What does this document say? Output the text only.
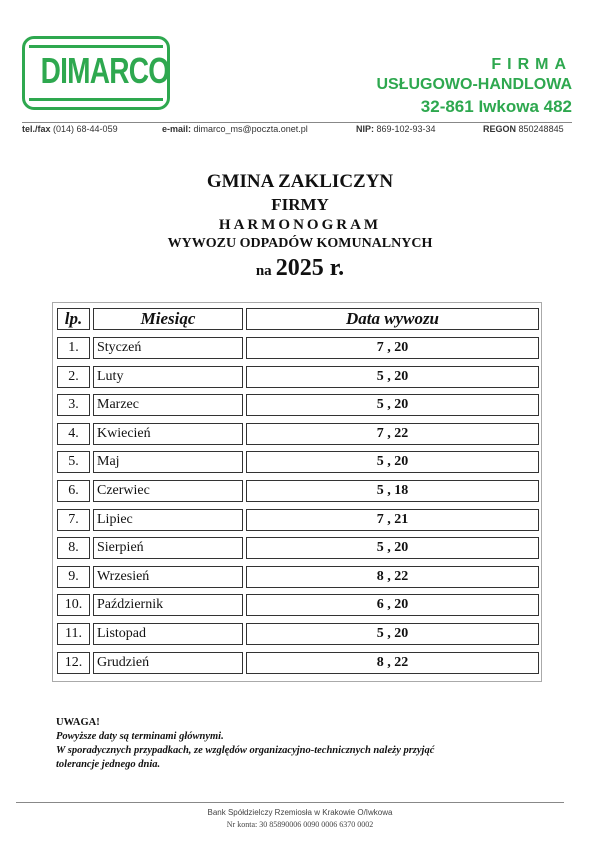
DIMARCO	FIRMA
USŁUGOWO-HANDLOWA
32-861 Iwkowa 482
tel./fax (014) 68-44-059	e-mail: dimarco_ms@poczta.onet.pl	NIP: 869-102-93-34	REGON 850248845
GMINA ZAKLICZYN
FIRMY
HARMONOGRAM
WYWOZU ODPADÓW KOMUNALNYCH
na 2025 r.
lp.	Miesiąc	Data wywozu
1.	Styczeń	7 , 20
2.	Luty	5 , 20
3.	Marzec	5 , 20
4.	Kwiecień	7 , 22
5.	Maj	5 , 20
6.	Czerwiec	5 , 18
7.	Lipiec	7 , 21
8.	Sierpień	5 , 20
9.	Wrzesień	8 , 22
10.	Październik	6 , 20
11.	Listopad	5 , 20
12.	Grudzień	8 , 22
UWAGA!
Powyższe daty są terminami głównymi.
W sporadycznych przypadkach, ze względów organizacyjno-technicznych należy przyjąć
tolerancje jednego dnia.
Bank Spółdzielczy Rzemiosła w Krakowie O/Iwkowa
Nr konta: 30 85890006 0090 0006 6370 0002
